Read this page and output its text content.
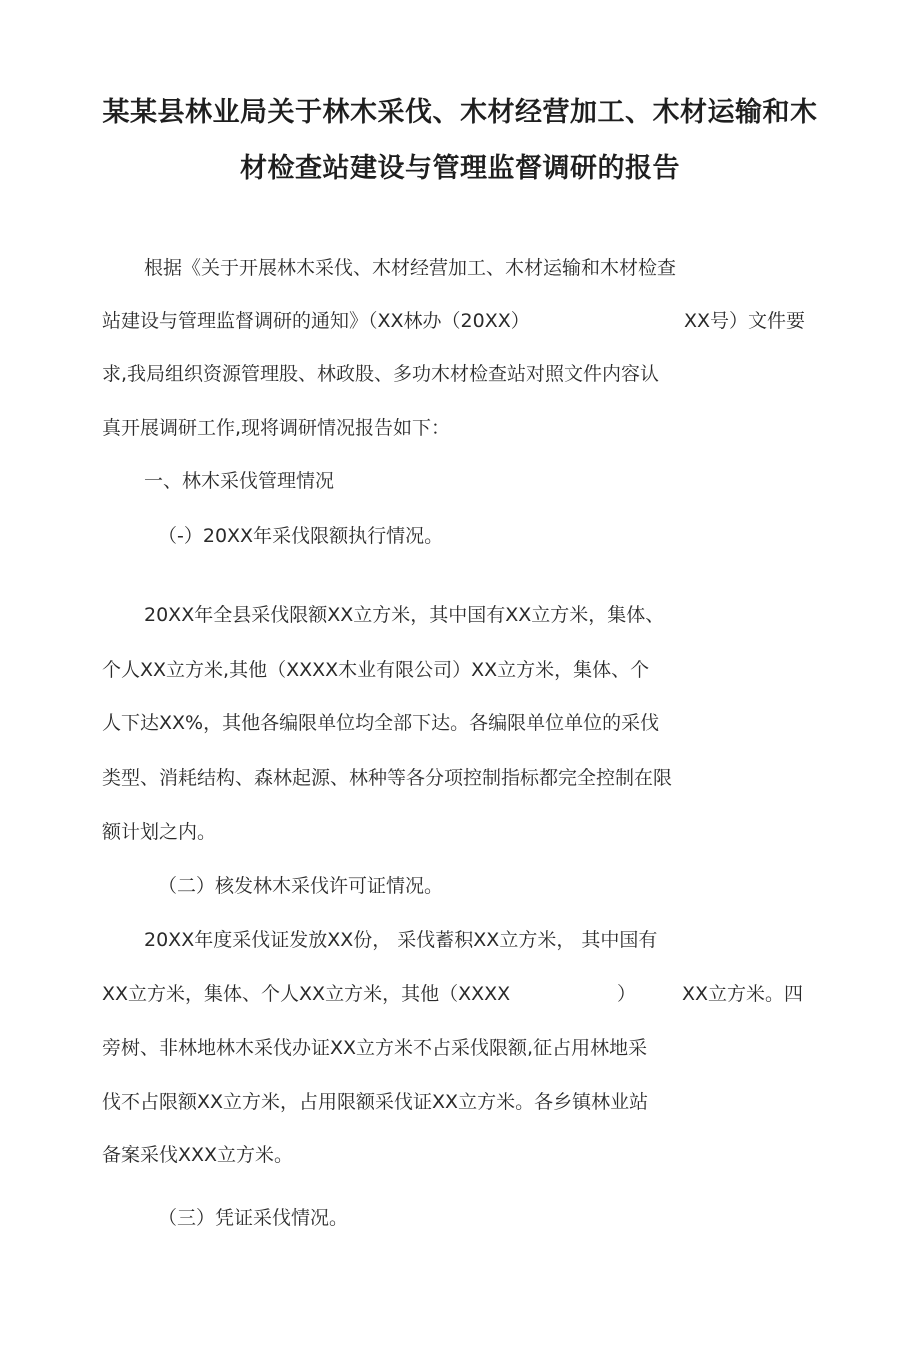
某某县林业局关于林木采伐、木材经营加工、木材运输和木
材检查站建设与管理监督调研的报告
根据《关于开展林木采伐、木材经营加工、木材运输和木材检查
站建设与管理监督调研的通知》（XX林办（20XX）	XX号）文件要
求,我局组织资源管理股、林政股、多功木材检查站对照文件内容认
真开展调研工作,现将调研情况报告如下：
一、林木采伐管理情况
（-）20XX年采伐限额执行情况。
20XX年全县采伐限额XX立方米，其中国有XX立方米，集体、
个人XX立方米,其他（XXXX木业有限公司）XX立方米，集体、个
人下达XX%，其他各编限单位均全部下达。各编限单位单位的采伐
类型、消耗结构、森林起源、林种等各分项控制指标都完全控制在限
额计划之内。
（二）核发林木采伐许可证情况。
20XX年度采伐证发放XX份， 采伐蓄积XX立方米， 其中国有
XX立方米，集体、个人XX立方米，其他（XXXX	） XX立方米。四
旁树、非林地林木采伐办证XX立方米不占采伐限额,征占用林地采
伐不占限额XX立方米，占用限额采伐证XX立方米。各乡镇林业站
备案采伐XXX立方米。
（三）凭证采伐情况。
